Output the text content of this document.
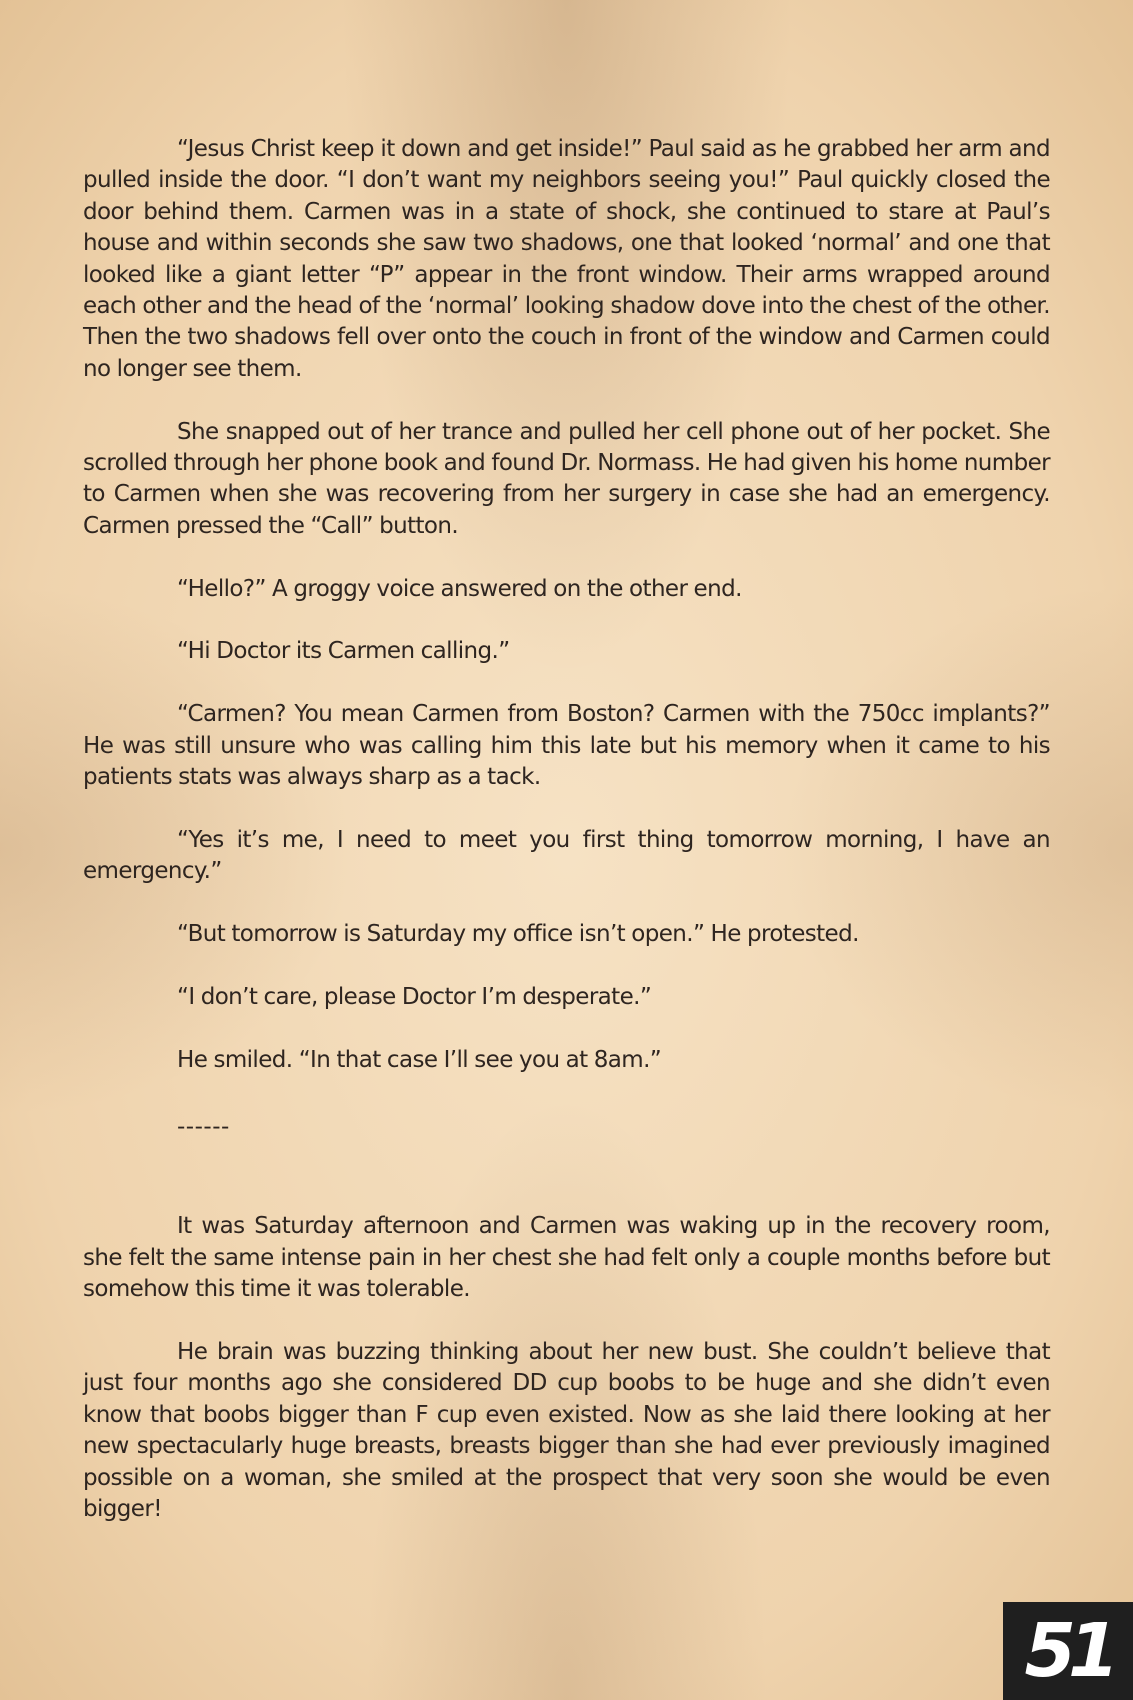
“Jesus Christ keep it down and get inside!” Paul said as he grabbed her arm and pulled inside the door. “I don’t want my neighbors seeing you!” Paul quickly closed the door behind them. Carmen was in a state of shock, she continued to stare at Paul’s house and within seconds she saw two shadows, one that looked ‘normal’ and one that looked like a giant letter “P” appear in the front window. Their arms wrapped around each other and the head of the ‘normal’ looking shadow dove into the chest of the other. Then the two shadows fell over onto the couch in front of the window and Carmen could no longer see them.

She snapped out of her trance and pulled her cell phone out of her pocket. She scrolled through her phone book and found Dr. Normass. He had given his home number to Carmen when she was recovering from her surgery in case she had an emergency. Carmen pressed the “Call” button.

“Hello?” A groggy voice answered on the other end.

“Hi Doctor its Carmen calling.”

“Carmen? You mean Carmen from Boston? Carmen with the 750cc implants?” He was still unsure who was calling him this late but his memory when it came to his patients stats was always sharp as a tack.

“Yes it’s me, I need to meet you first thing tomorrow morning, I have an emergency.”

“But tomorrow is Saturday my office isn’t open.” He protested.

“I don’t care, please Doctor I’m desperate.”

He smiled. “In that case I’ll see you at 8am.”

------

It was Saturday afternoon and Carmen was waking up in the recovery room, she felt the same intense pain in her chest she had felt only a couple months before but somehow this time it was tolerable.

He brain was buzzing thinking about her new bust. She couldn’t believe that just four months ago she considered DD cup boobs to be huge and she didn’t even know that boobs bigger than F cup even existed. Now as she laid there looking at her new spectacularly huge breasts, breasts bigger than she had ever previously imagined possible on a woman, she smiled at the prospect that very soon she would be even bigger!

51
